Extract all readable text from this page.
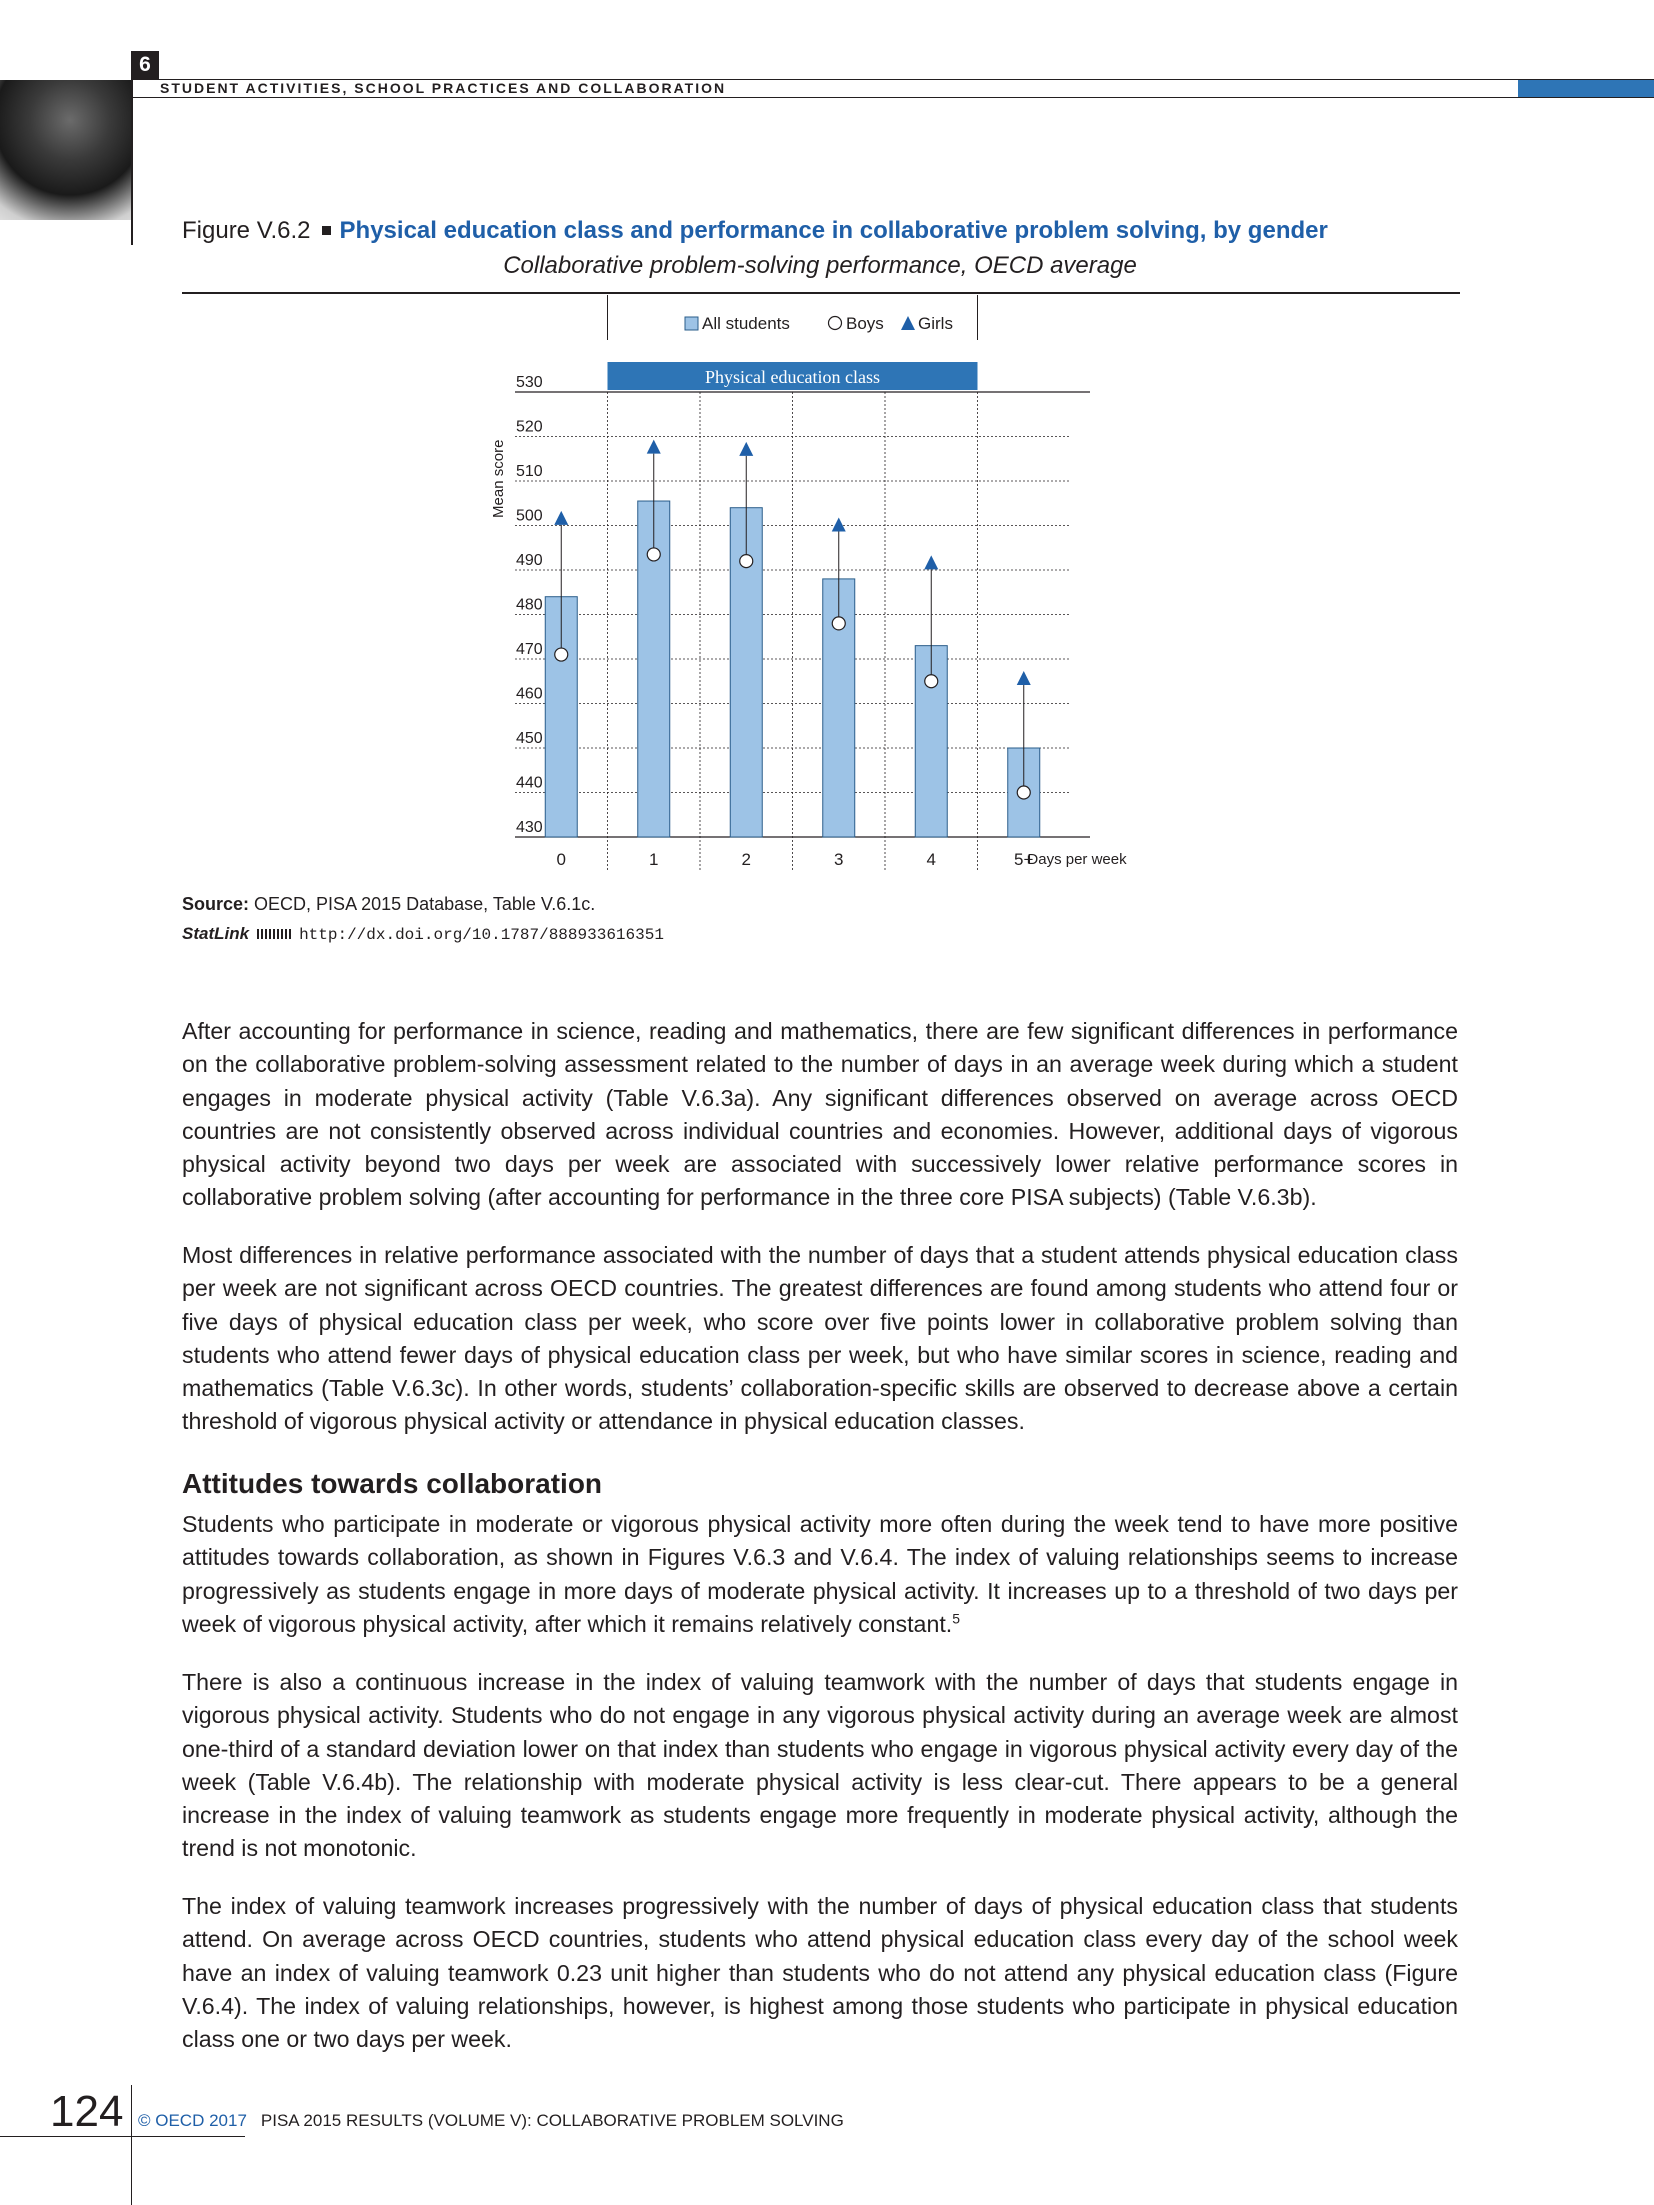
6
STUDENT ACTIVITIES, SCHOOL PRACTICES AND COLLABORATION
Figure V.6.2 Physical education class and performance in collaborative problem solving, by gender
Collaborative problem-solving performance, OECD average
All students	Boys Girls
Physical education class
430
440
450
460
470
480
490
500
510
520
530
Mean score
0	1	2	3	4	5+
Days per week
Source: OECD, PISA 2015 Database, Table V.6.1c.
StatLink	http://dx.doi.org/10.1787/888933616351

After accounting for performance in science, reading and mathematics, there are few significant differences in performance on the collaborative problem-solving assessment related to the number of days in an average week during which a student engages in moderate physical activity (Table V.6.3a). Any significant differences observed on average across OECD countries are not consistently observed across individual countries and economies. However, additional days of vigorous physical activity beyond two days per week are associated with successively lower relative performance scores in collaborative problem solving (after accounting for performance in the three core PISA subjects) (Table V.6.3b).

Most differences in relative performance associated with the number of days that a student attends physical education class per week are not significant across OECD countries. The greatest differences are found among students who attend four or five days of physical education class per week, who score over five points lower in collaborative problem solving than students who attend fewer days of physical education class per week, but who have similar scores in science, reading and mathematics (Table V.6.3c). In other words, students’ collaboration-specific skills are observed to decrease above a certain threshold of vigorous physical activity or attendance in physical education classes.

Attitudes towards collaboration

Students who participate in moderate or vigorous physical activity more often during the week tend to have more positive attitudes towards collaboration, as shown in Figures V.6.3 and V.6.4. The index of valuing relationships seems to increase progressively as students engage in more days of moderate physical activity. It increases up to a threshold of two days per week of vigorous physical activity, after which it remains relatively constant.$^5$

There is also a continuous increase in the index of valuing teamwork with the number of days that students engage in vigorous physical activity. Students who do not engage in any vigorous physical activity during an average week are almost one-third of a standard deviation lower on that index than students who engage in vigorous physical activity every day of the week (Table V.6.4b). The relationship with moderate physical activity is less clear-cut. There appears to be a general increase in the index of valuing teamwork as students engage more frequently in moderate physical activity, although the trend is not monotonic.

The index of valuing teamwork increases progressively with the number of days of physical education class that students attend. On average across OECD countries, students who attend physical education class every day of the school week have an index of valuing teamwork 0.23 unit higher than students who do not attend any physical education class (Figure V.6.4). The index of valuing relationships, however, is highest among those students who participate in physical education class one or two days per week.

124 © OECD 2017 PISA 2015 RESULTS (VOLUME V): COLLABORATIVE PROBLEM SOLVING
